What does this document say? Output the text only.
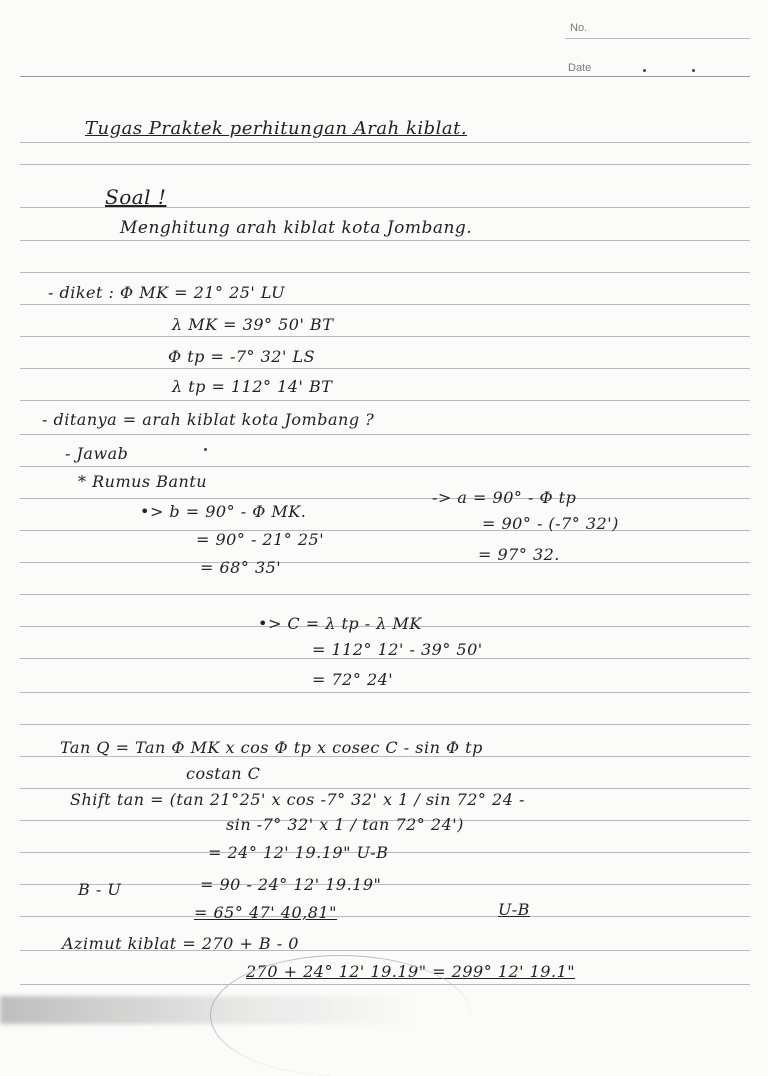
No.
Date
Tugas Praktek perhitungan Arah kiblat.
Soal !
Menghitung arah kiblat kota Jombang.
- diket : Φ MK = 21° 25' LU
λ MK = 39° 50' BT
Φ tp = -7° 32' LS
λ tp = 112° 14' BT
- ditanya = arah kiblat kota Jombang ?
- Jawab
* Rumus Bantu
•> b = 90° - Φ MK.
= 90° - 21° 25'
= 68° 35'
-> a = 90° - Φ tp
= 90° - (-7° 32')
= 97° 32.
•> C = λ tp - λ MK
= 112° 12' - 39° 50'
= 72° 24'
Tan Q = Tan Φ MK x cos Φ tp x cosec C - sin Φ tp
costan C
Shift tan = (tan 21°25' x cos -7° 32' x 1 / sin 72° 24 -
sin -7° 32' x 1 / tan 72° 24')
= 24° 12' 19.19" U-B
B - U	= 90 - 24° 12' 19.19"
= 65° 47' 40,81"	U-B
Azimut kiblat = 270 + B - 0
270 + 24° 12' 19.19" = 299° 12' 19.1"
